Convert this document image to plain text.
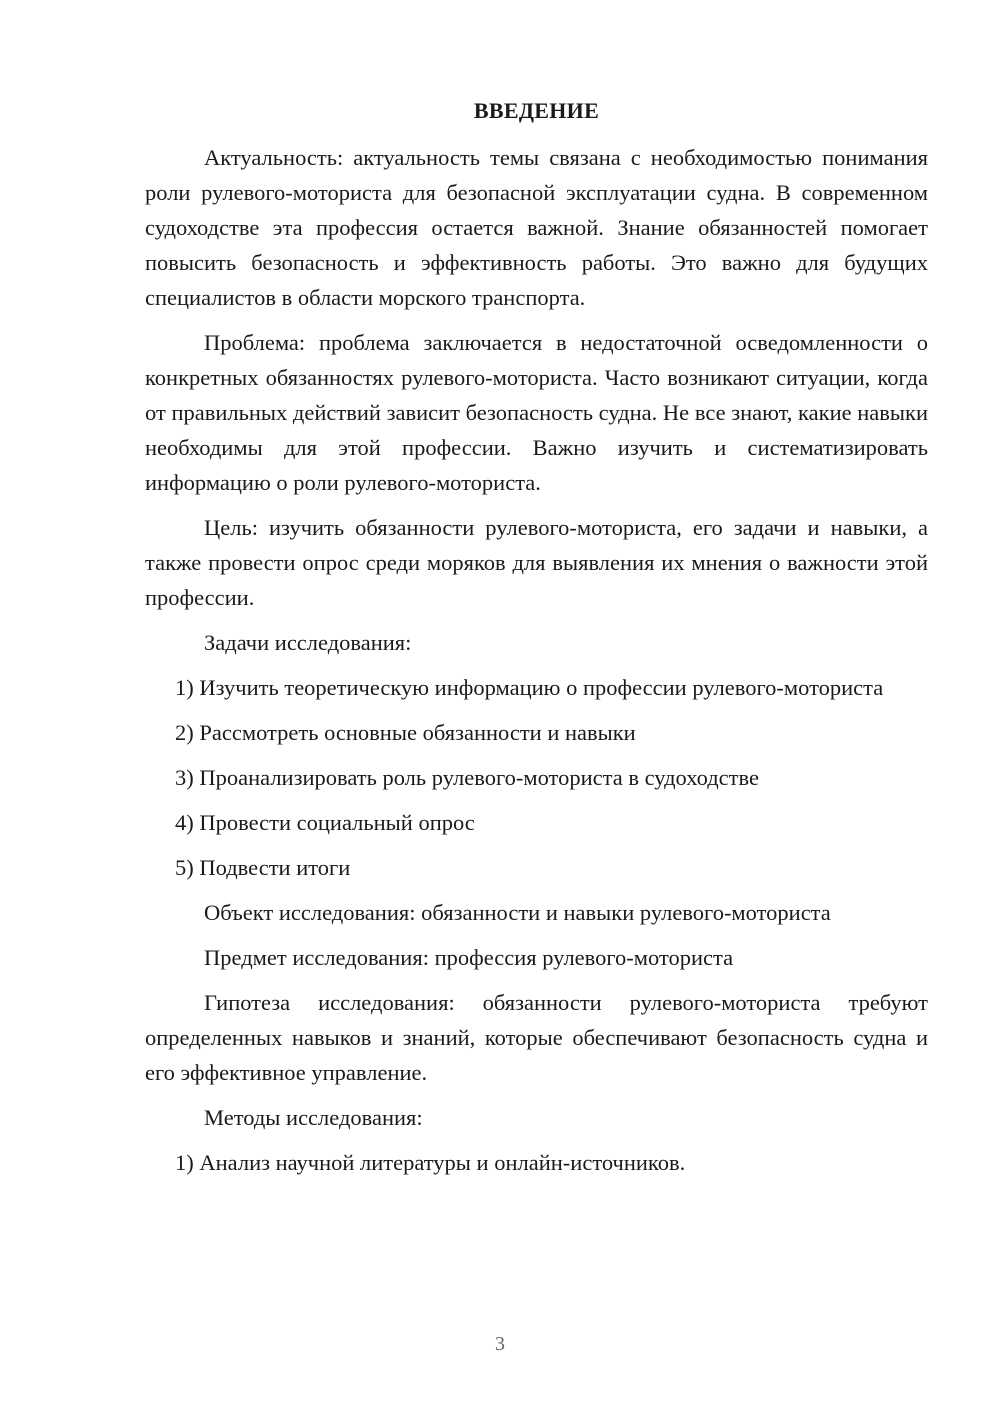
ВВЕДЕНИЕ

Актуальность: актуальность темы связана с необходимостью понимания роли рулевого-моториста для безопасной эксплуатации судна. В современном судоходстве эта профессия остается важной. Знание обязанностей помогает повысить безопасность и эффективность работы. Это важно для будущих специалистов в области морского транспорта.

Проблема: проблема заключается в недостаточной осведомленности о конкретных обязанностях рулевого-моториста. Часто возникают ситуации, когда от правильных действий зависит безопасность судна. Не все знают, какие навыки необходимы для этой профессии. Важно изучить и систематизировать информацию о роли рулевого-моториста.

Цель: изучить обязанности рулевого-моториста, его задачи и навыки, а также провести опрос среди моряков для выявления их мнения о важности этой профессии.

Задачи исследования:

1) Изучить теоретическую информацию о профессии рулевого-моториста

2) Рассмотреть основные обязанности и навыки

3) Проанализировать роль рулевого-моториста в судоходстве

4) Провести социальный опрос

5) Подвести итоги

Объект исследования: обязанности и навыки рулевого-моториста

Предмет исследования: профессия рулевого-моториста

Гипотеза исследования: обязанности рулевого-моториста требуют определенных навыков и знаний, которые обеспечивают безопасность судна и его эффективное управление.

Методы исследования:

1) Анализ научной литературы и онлайн-источников.

3
